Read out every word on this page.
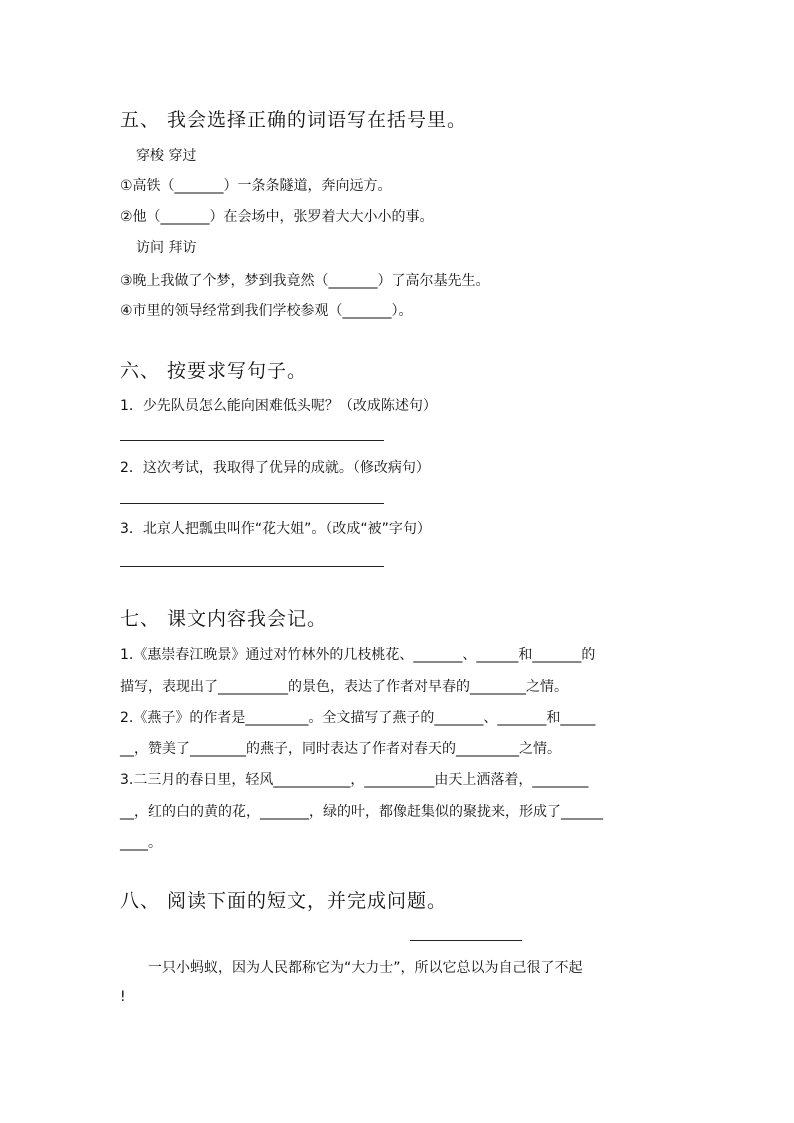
五、 我会选择正确的词语写在括号里。
穿梭 穿过
①高铁（_______）一条条隧道，奔向远方。
②他（_______）在会场中，张罗着大大小小的事。
访问 拜访
③晚上我做了个梦，梦到我竟然（_______）了高尔基先生。
④市里的领导经常到我们学校参观（_______）。
六、 按要求写句子。
1．少先队员怎么能向困难低头呢？（改成陈述句）
2．这次考试，我取得了优异的成就。（修改病句）
3．北京人把瓢虫叫作“花大姐”。（改成“被”字句）
七、 课文内容我会记。
1.《惠崇春江晚景》通过对竹林外的几枝桃花、_______、______和_______的
描写，表现出了__________的景色，表达了作者对早春的________之情。
2.《燕子》的作者是_________。全文描写了燕子的_______、_______和_____
__，赞美了________的燕子，同时表达了作者对春天的_________之情。
3.二三月的春日里，轻风___________，__________由天上洒落着，________
__，红的白的黄的花，_______，绿的叶，都像赶集似的聚拢来，形成了______
____。
八、 阅读下面的短文，并完成问题。
一只小蚂蚁，因为人民都称它为“大力士”，所以它总以为自己很了不起
!
